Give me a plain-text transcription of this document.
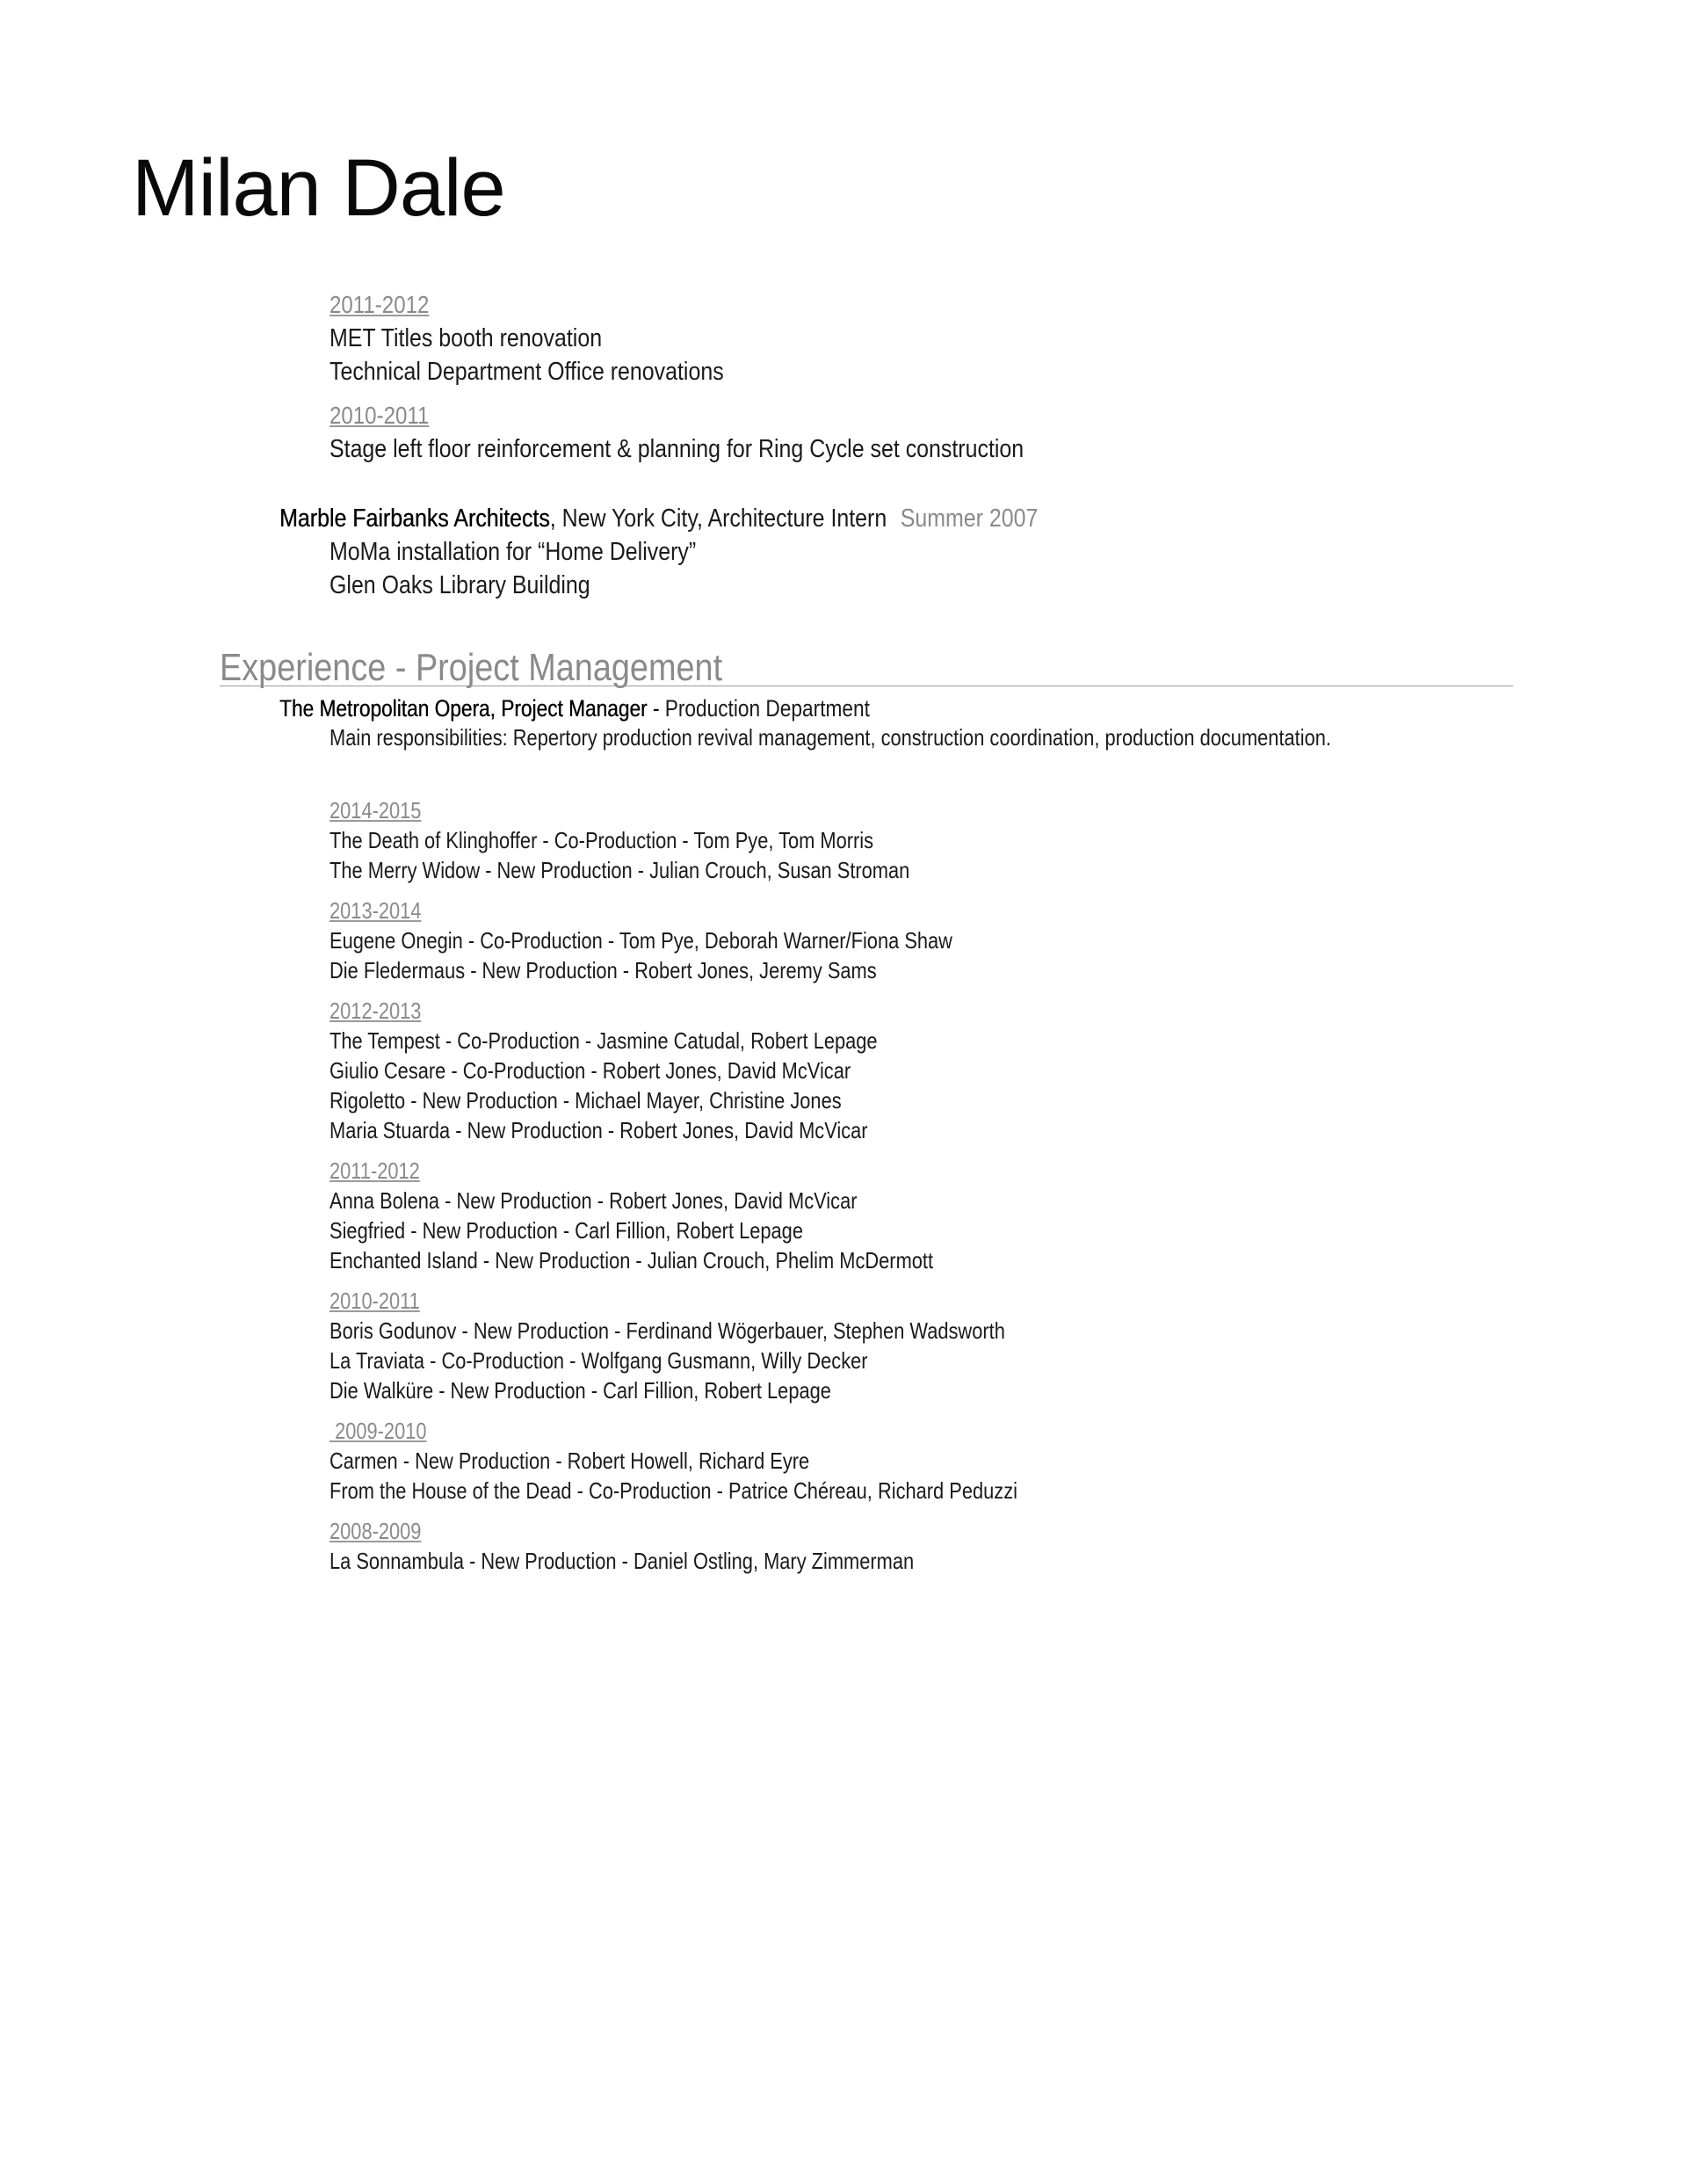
Milan Dale
2011-2012
MET Titles booth renovation
Technical Department Office renovations
2010-2011
Stage left floor reinforcement & planning for Ring Cycle set construction
Marble Fairbanks Architects, New York City, Architecture Intern Summer 2007
MoMa installation for “Home Delivery”
Glen Oaks Library Building
Experience - Project Management
The Metropolitan Opera, Project Manager - Production Department
Main responsibilities: Repertory production revival management, construction coordination, production documentation.
2014-2015
The Death of Klinghoffer - Co-Production - Tom Pye, Tom Morris
The Merry Widow - New Production - Julian Crouch, Susan Stroman
2013-2014
Eugene Onegin - Co-Production - Tom Pye, Deborah Warner/Fiona Shaw
Die Fledermaus - New Production - Robert Jones, Jeremy Sams
2012-2013
The Tempest - Co-Production - Jasmine Catudal, Robert Lepage
Giulio Cesare - Co-Production - Robert Jones, David McVicar
Rigoletto - New Production - Michael Mayer, Christine Jones
Maria Stuarda - New Production - Robert Jones, David McVicar
2011-2012
Anna Bolena - New Production - Robert Jones, David McVicar
Siegfried - New Production - Carl Fillion, Robert Lepage
Enchanted Island - New Production - Julian Crouch, Phelim McDermott
2010-2011
Boris Godunov - New Production - Ferdinand Wögerbauer, Stephen Wadsworth
La Traviata - Co-Production - Wolfgang Gusmann, Willy Decker
Die Walküre - New Production - Carl Fillion, Robert Lepage
2009-2010
Carmen - New Production - Robert Howell, Richard Eyre
From the House of the Dead - Co-Production - Patrice Chéreau, Richard Peduzzi
2008-2009
La Sonnambula - New Production - Daniel Ostling, Mary Zimmerman
